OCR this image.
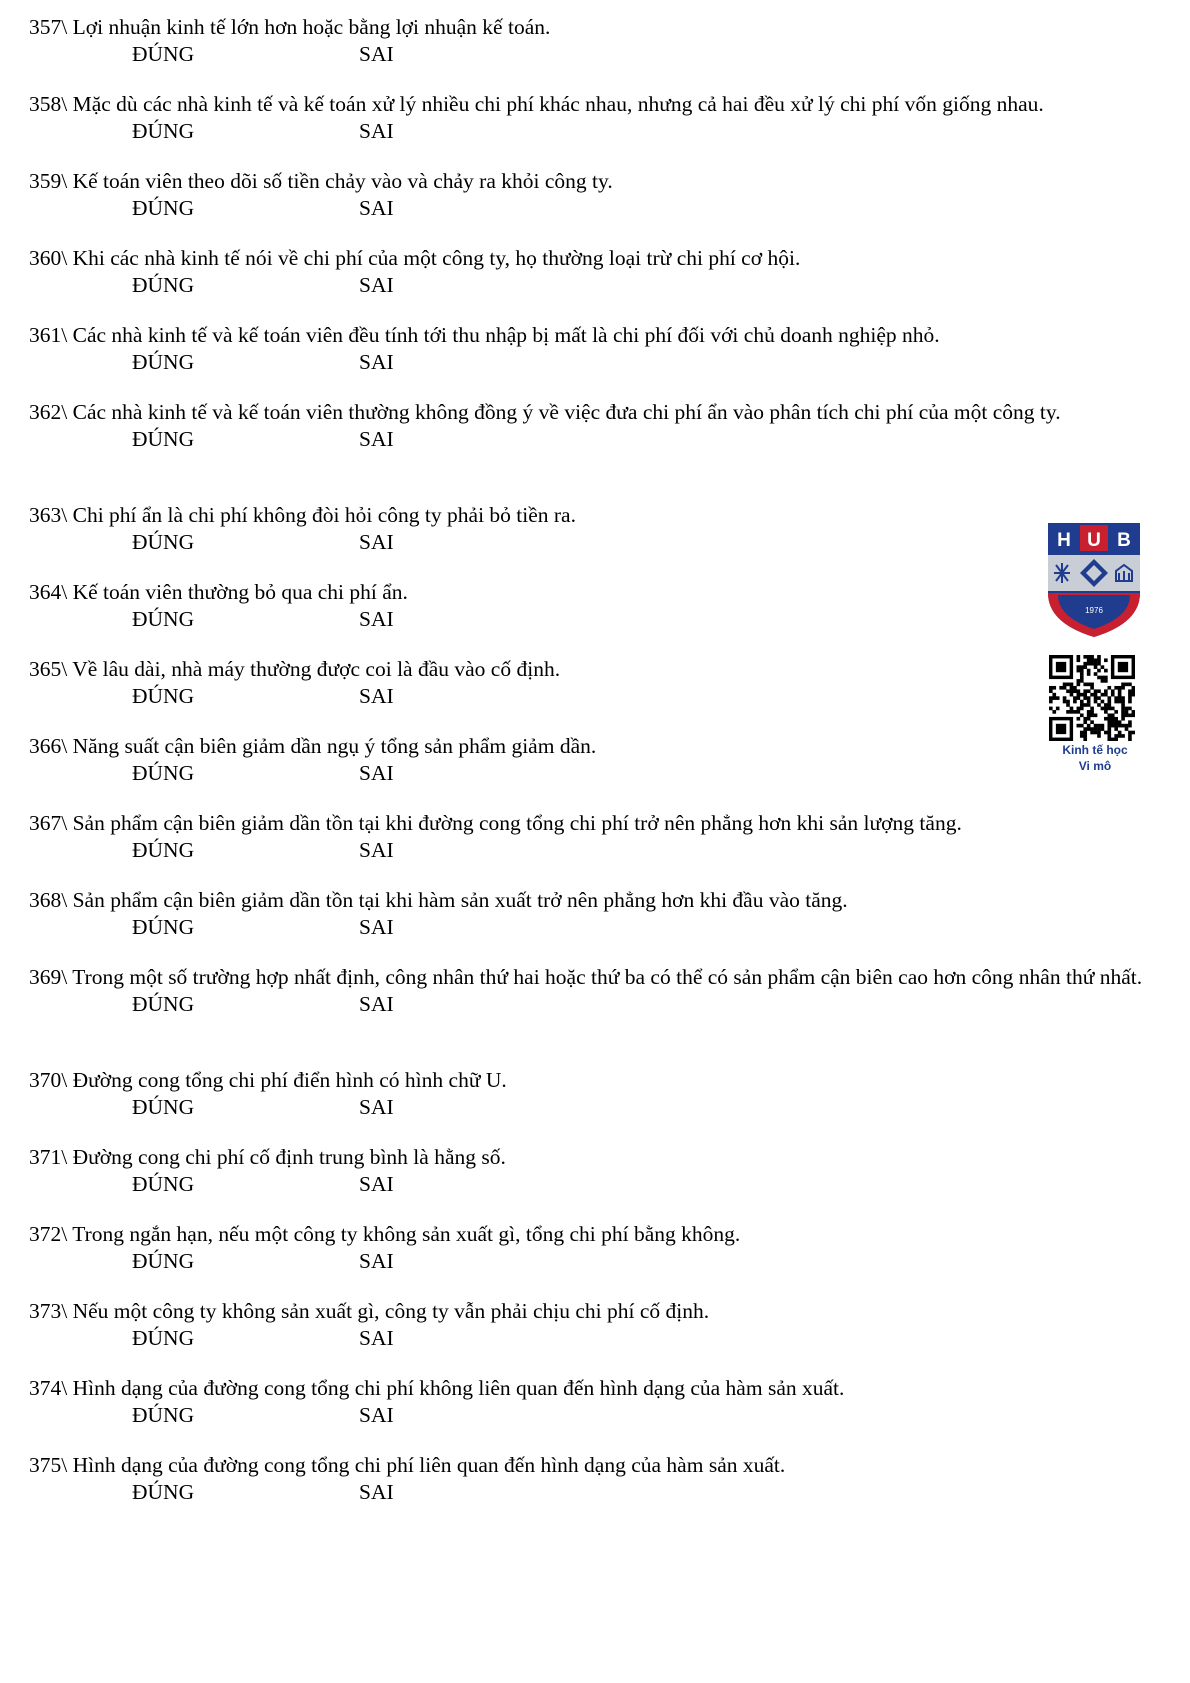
357\ Lợi nhuận kinh tế lớn hơn hoặc bằng lợi nhuận kế toán.

ĐÚNG	SAI

358\ Mặc dù các nhà kinh tế và kế toán xử lý nhiều chi phí khác nhau, nhưng cả hai đều xử lý chi phí vốn giống nhau.

ĐÚNG	SAI

359\ Kế toán viên theo dõi số tiền chảy vào và chảy ra khỏi công ty.

ĐÚNG	SAI

360\ Khi các nhà kinh tế nói về chi phí của một công ty, họ thường loại trừ chi phí cơ hội.

ĐÚNG	SAI

361\ Các nhà kinh tế và kế toán viên đều tính tới thu nhập bị mất là chi phí đối với chủ doanh nghiệp nhỏ.

ĐÚNG	SAI

362\ Các nhà kinh tế và kế toán viên thường không đồng ý về việc đưa chi phí ẩn vào phân tích chi phí của một công ty.

ĐÚNG	SAI

363\ Chi phí ẩn là chi phí không đòi hỏi công ty phải bỏ tiền ra.

ĐÚNG	SAI

364\ Kế toán viên thường bỏ qua chi phí ẩn.

ĐÚNG	SAI

365\ Về lâu dài, nhà máy thường được coi là đầu vào cố định.

ĐÚNG	SAI

366\ Năng suất cận biên giảm dần ngụ ý tổng sản phẩm giảm dần.

ĐÚNG	SAI

367\ Sản phẩm cận biên giảm dần tồn tại khi đường cong tổng chi phí trở nên phẳng hơn khi sản lượng tăng.

ĐÚNG	SAI

368\ Sản phẩm cận biên giảm dần tồn tại khi hàm sản xuất trở nên phẳng hơn khi đầu vào tăng.

ĐÚNG	SAI

369\ Trong một số trường hợp nhất định, công nhân thứ hai hoặc thứ ba có thể có sản phẩm cận biên cao hơn công nhân thứ nhất.

ĐÚNG	SAI

370\ Đường cong tổng chi phí điển hình có hình chữ U.

ĐÚNG	SAI

371\ Đường cong chi phí cố định trung bình là hằng số.

ĐÚNG	SAI

372\ Trong ngắn hạn, nếu một công ty không sản xuất gì, tổng chi phí bằng không.

ĐÚNG	SAI

373\ Nếu một công ty không sản xuất gì, công ty vẫn phải chịu chi phí cố định.

ĐÚNG	SAI

374\ Hình dạng của đường cong tổng chi phí không liên quan đến hình dạng của hàm sản xuất.

ĐÚNG	SAI

375\ Hình dạng của đường cong tổng chi phí liên quan đến hình dạng của hàm sản xuất.

ĐÚNG	SAI
H U B
1976
Kinh tế học
Vi mô
